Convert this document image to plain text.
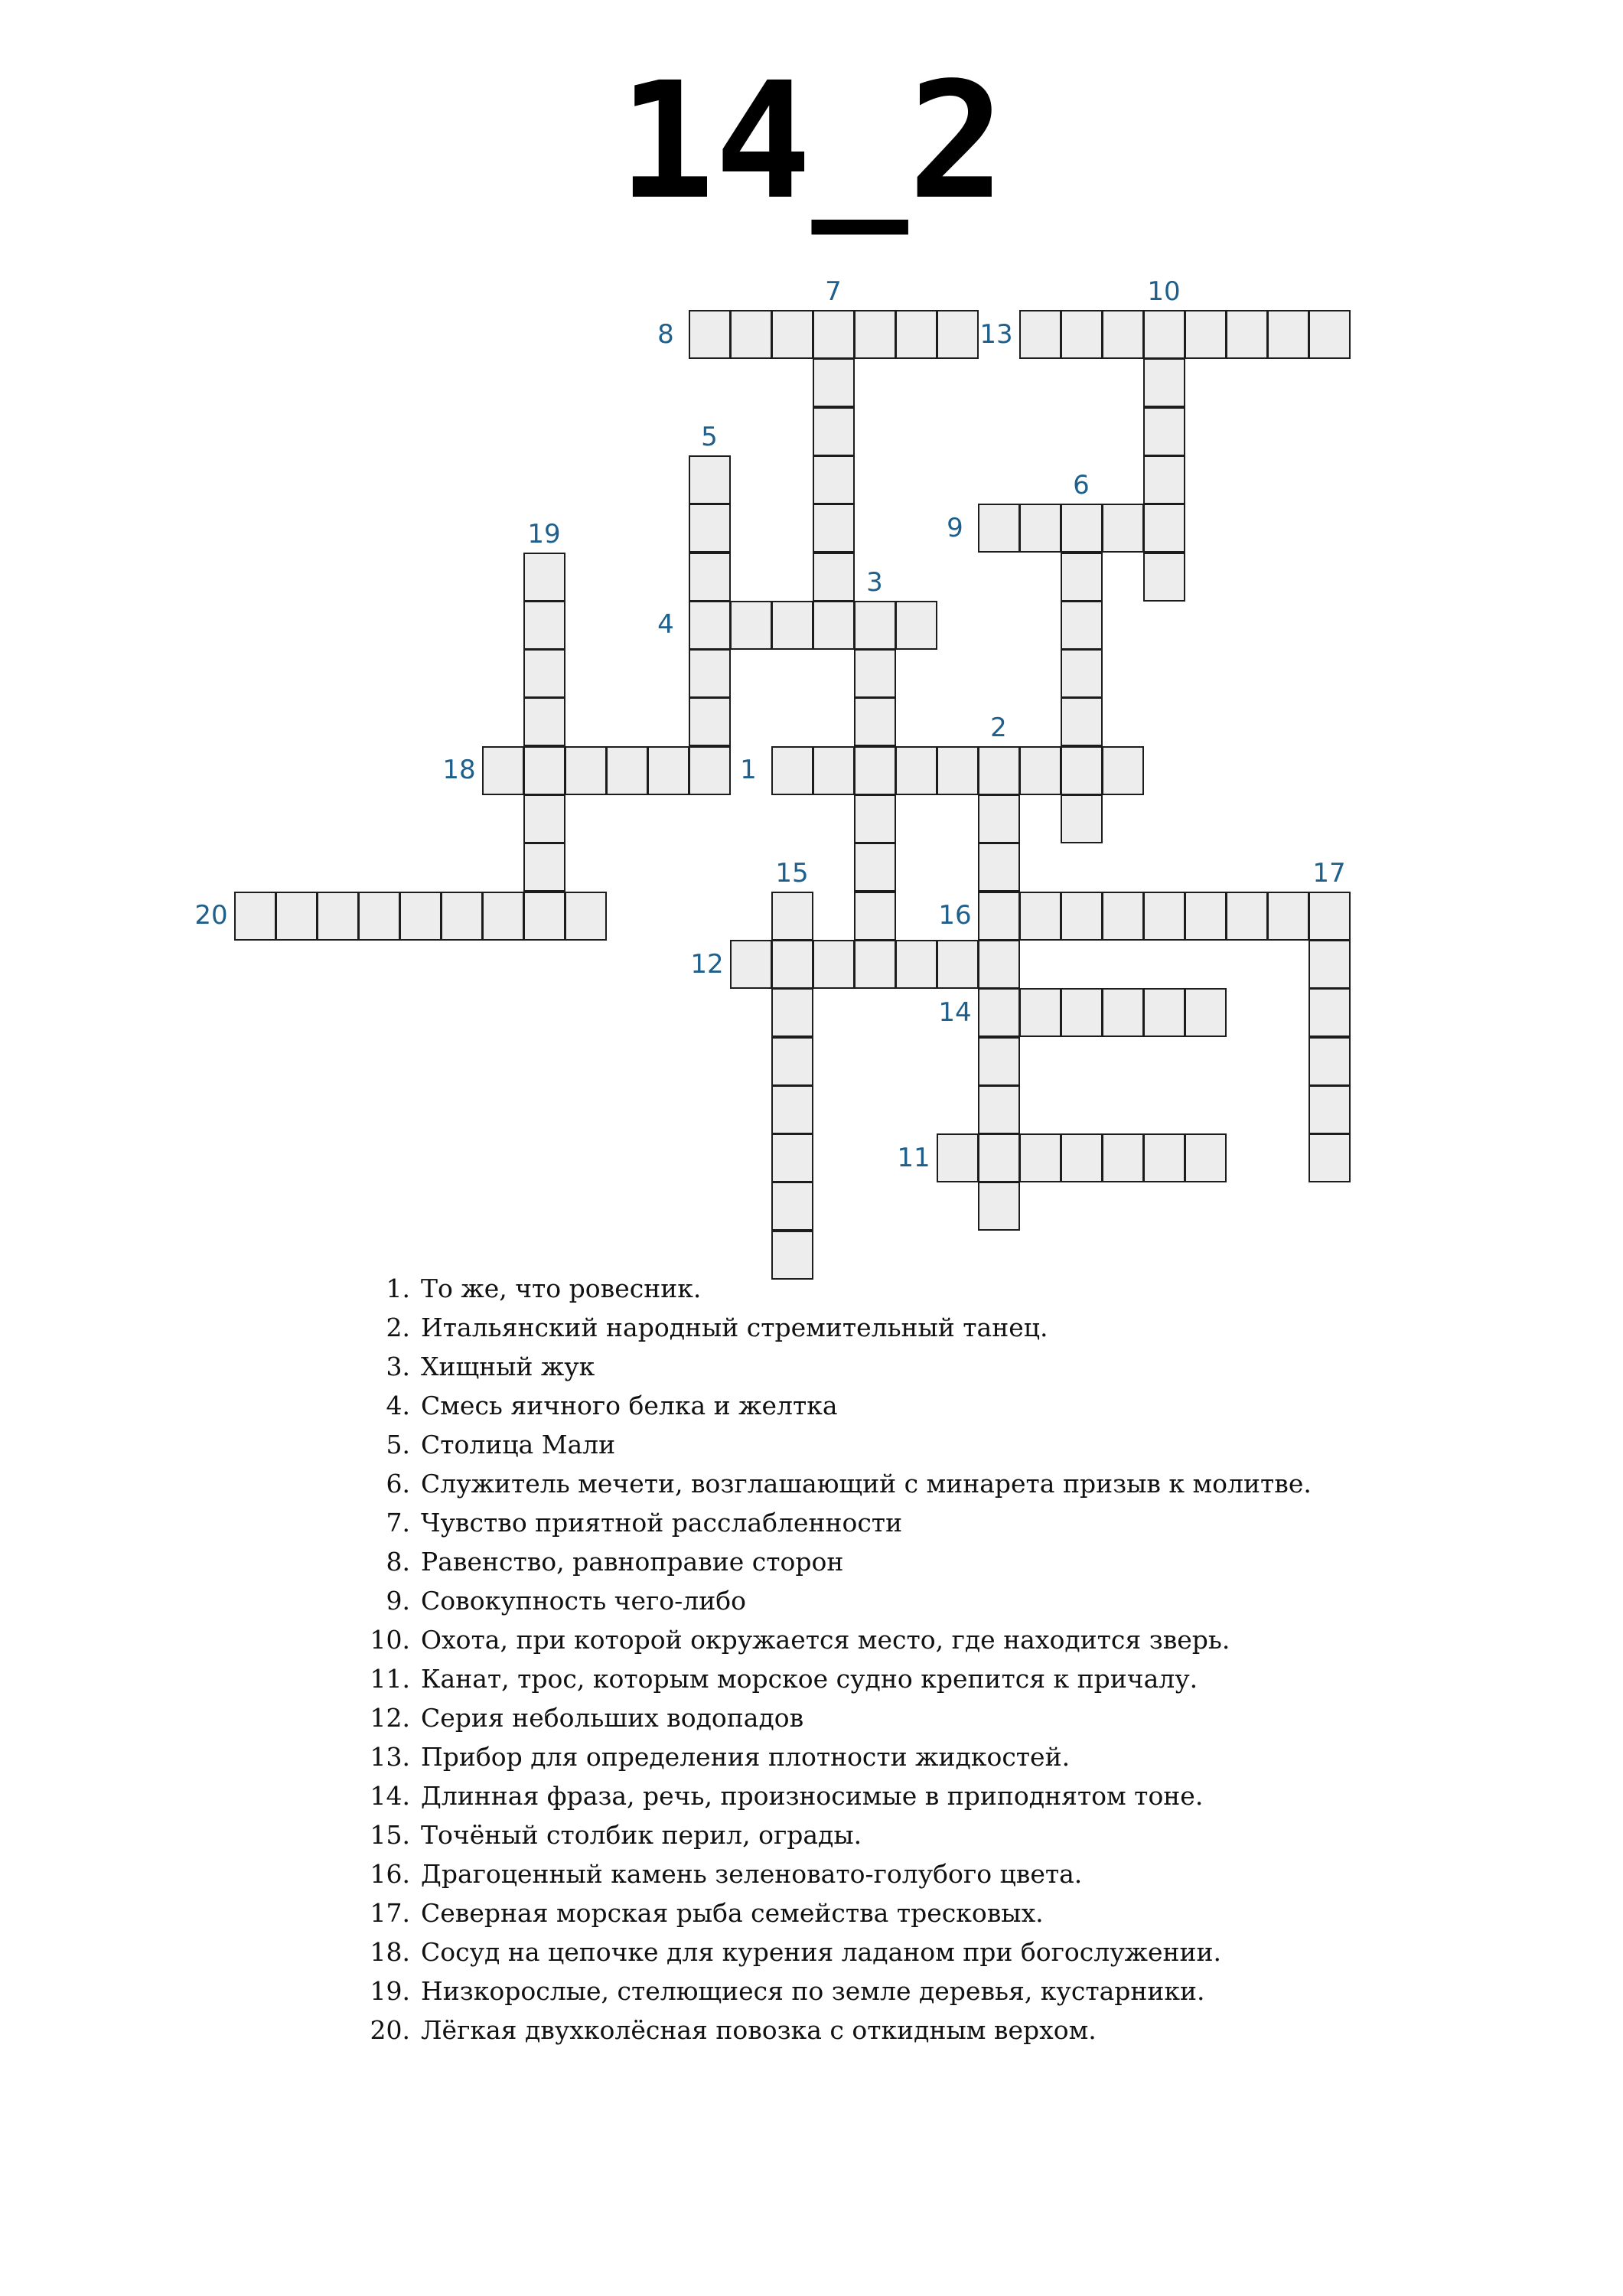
14_2
1
2
3
4
5
6
7
8
9
10
11
12
13
14
15
16
17
18
19
20
1. То же, что ровесник.
2. Итальянский народный стремительный танец.
3. Хищный жук
4. Смесь яичного белка и желтка
5. Столица Мали
6. Служитель мечети, возглашающий с минарета призыв к молитве.
7. Чувство приятной расслабленности
8. Равенство, равноправие сторон
9. Совокупность чего-либо
10. Охота, при которой окружается место, где находится зверь.
11. Канат, трос, которым морское судно крепится к причалу.
12. Серия небольших водопадов
13. Прибор для определения плотности жидкостей.
14. Длинная фраза, речь, произносимые в приподнятом тоне.
15. Точёный столбик перил, ограды.
16. Драгоценный камень зеленовато-голубого цвета.
17. Северная морская рыба семейства тресковых.
18. Сосуд на цепочке для курения ладаном при богослужении.
19. Низкорослые, стелющиеся по земле деревья, кустарники.
20. Лёгкая двухколёсная повозка с откидным верхом.
